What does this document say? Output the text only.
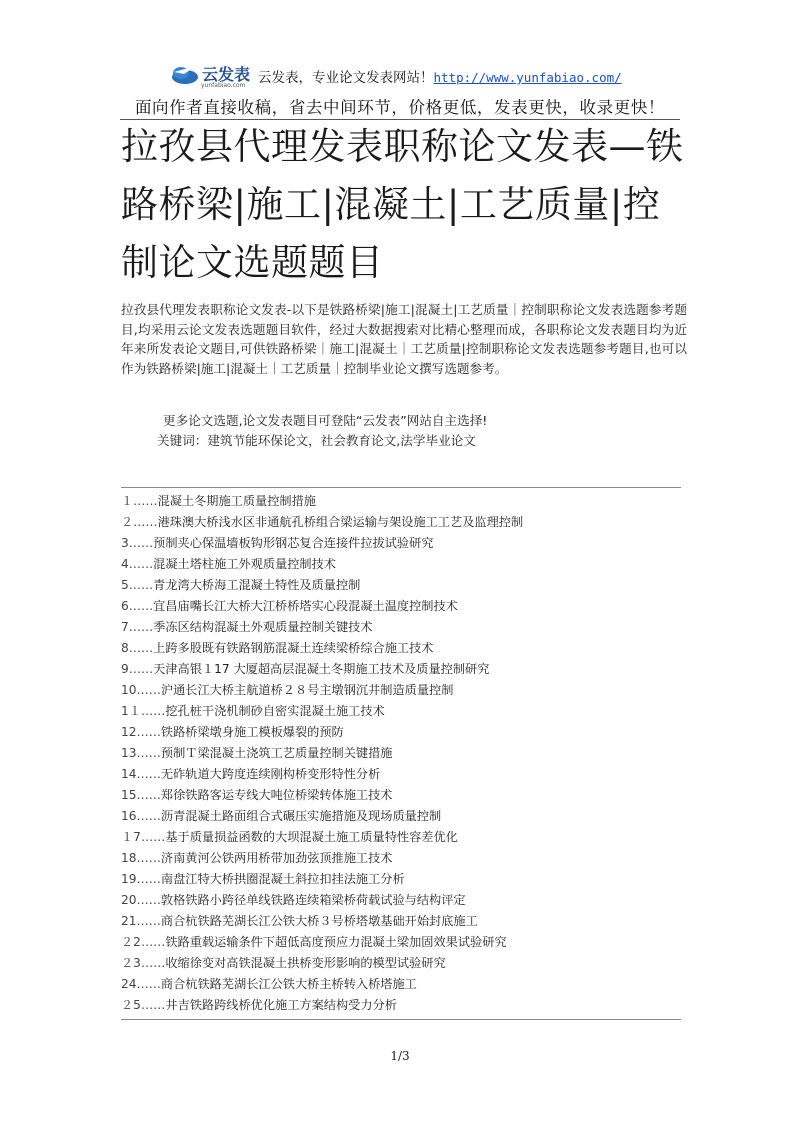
云发表
yunfabiao.com 云发表，专业论文发表网站！http://www.yunfabiao.com/
面向作者直接收稿，省去中间环节，价格更低，发表更快，收录更快！
拉孜县代理发表职称论文发表—铁路桥梁|施工|混凝土|工艺质量|控制论文选题题目

拉孜县代理发表职称论文发表-以下是铁路桥梁|施工|混凝土|工艺质量｜控制职称论文发表选题参考题目,均采用云论文发表选题题目软件，经过大数据搜索对比精心整理而成，各职称论文发表题目均为近年来所发表论文题目,可供铁路桥梁｜施工|混凝土｜工艺质量|控制职称论文发表选题参考题目,也可以作为铁路桥梁|施工|混凝土｜工艺质量｜控制毕业论文撰写选题参考。

更多论文选题,论文发表题目可登陆“云发表”网站自主选择!
关键词：建筑节能环保论文，社会教育论文,法学毕业论文
１……混凝土冬期施工质量控制措施
２……港珠澳大桥浅水区非通航孔桥组合梁运输与架设施工工艺及监理控制
3……预制夹心保温墙板钩形钢芯复合连接件拉拔试验研究
4……混凝土塔柱施工外观质量控制技术
5……青龙湾大桥海工混凝土特性及质量控制
6……宜昌庙嘴长江大桥大江桥桥塔实心段混凝土温度控制技术
7……季冻区结构混凝土外观质量控制关键技术
8……上跨多股既有铁路钢筋混凝土连续梁桥综合施工技术
9……天津高银１17 大厦超高层混凝土冬期施工技术及质量控制研究
10……沪通长江大桥主航道桥２８号主墩钢沉井制造质量控制
1１……挖孔桩干浇机制砂自密实混凝土施工技术
12……铁路桥梁墩身施工模板爆裂的预防
13……预制Ｔ梁混凝土浇筑工艺质量控制关键措施
14……无砟轨道大跨度连续刚构桥变形特性分析
15……郑徐铁路客运专线大吨位桥梁转体施工技术
16……沥青混凝土路面组合式碾压实施措施及现场质量控制
１7……基于质量损益函数的大坝混凝土施工质量特性容差优化
18……济南黄河公铁两用桥带加劲弦顶推施工技术
19……南盘江特大桥拱圈混凝土斜拉扣挂法施工分析
20……敦格铁路小跨径单线铁路连续箱梁桥荷载试验与结构评定
21……商合杭铁路芜湖长江公铁大桥３号桥塔墩基础开始封底施工
２2……铁路重载运输条件下超低高度预应力混凝土梁加固效果试验研究
２3……收缩徐变对高铁混凝土拱桥变形影响的模型试验研究
24……商合杭铁路芜湖长江公铁大桥主桥转入桥塔施工
２5……井吉铁路跨线桥优化施工方案结构受力分析
1/3
